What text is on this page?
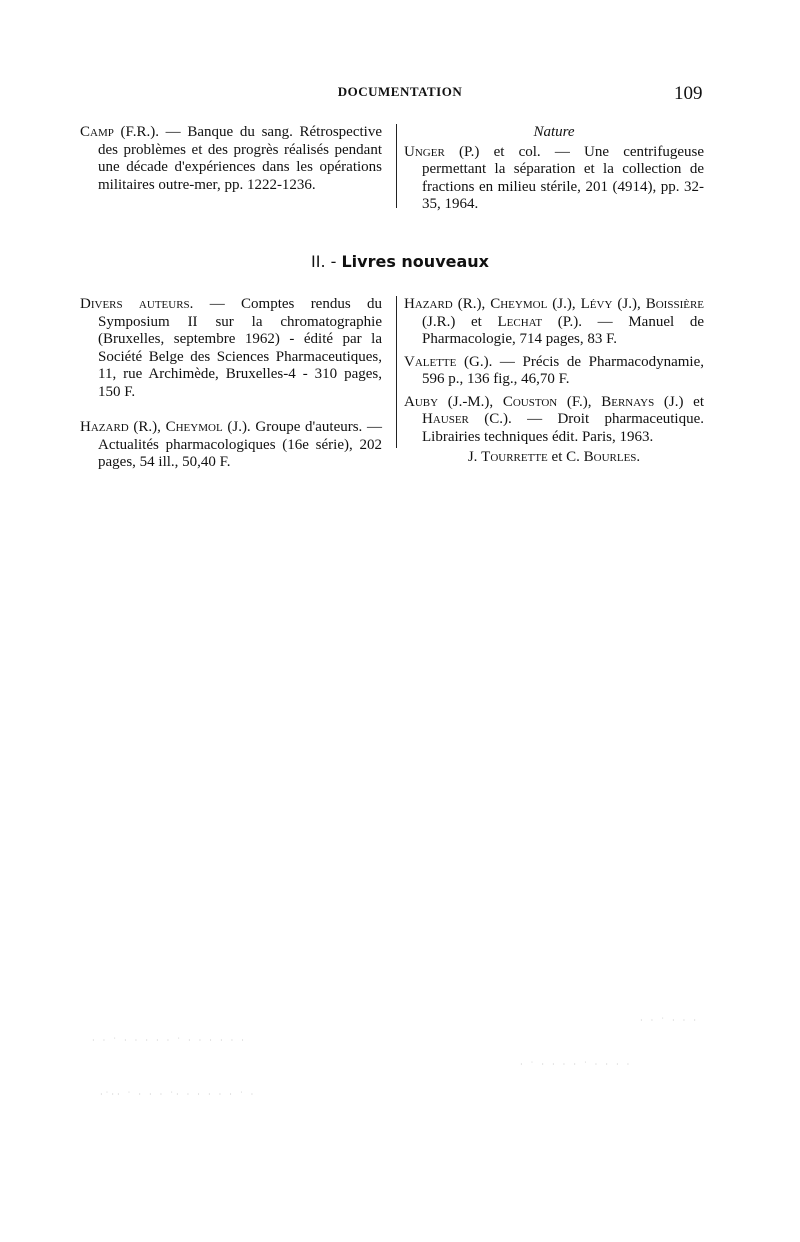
DOCUMENTATION	109

Camp (F.R.). — Banque du sang. Rétrospective des problèmes et des progrès réalisés pendant une décade d'expériences dans les opérations militaires outre-mer, pp. 1222-1236.

Nature

Unger (P.) et col. — Une centrifugeuse permettant la séparation et la collection de fractions en milieu stérile, 201 (4914), pp. 32-35, 1964.

II. - Livres nouveaux

Divers auteurs. — Comptes rendus du Symposium II sur la chromatographie (Bruxelles, septembre 1962) - édité par la Société Belge des Sciences Pharmaceutiques, 11, rue Archimède, Bruxelles-4 - 310 pages, 150 F.

Hazard (R.), Cheymol (J.). Groupe d'auteurs. — Actualités pharmacologiques (16e série), 202 pages, 54 ill., 50,40 F.

Hazard (R.), Cheymol (J.), Lévy (J.), Boissière (J.R.) et Lechat (P.). — Manuel de Pharmacologie, 714 pages, 83 F.

Valette (G.). — Précis de Pharmacodynamie, 596 p., 136 fig., 46,70 F.

Auby (J.-M.), Couston (F.), Bernays (J.) et Hauser (C.). — Droit pharmaceutique. Librairies techniques édit. Paris, 1963.

J. Tourrette et C. Bourles.

· · ˙ · · · · · ˙ · · · · · ·
·˙·· ˙ · · · ˙· · · · · · ˙ ·
· ˙ · · · · ˙ · · · ·
· · ˙ · · ·
